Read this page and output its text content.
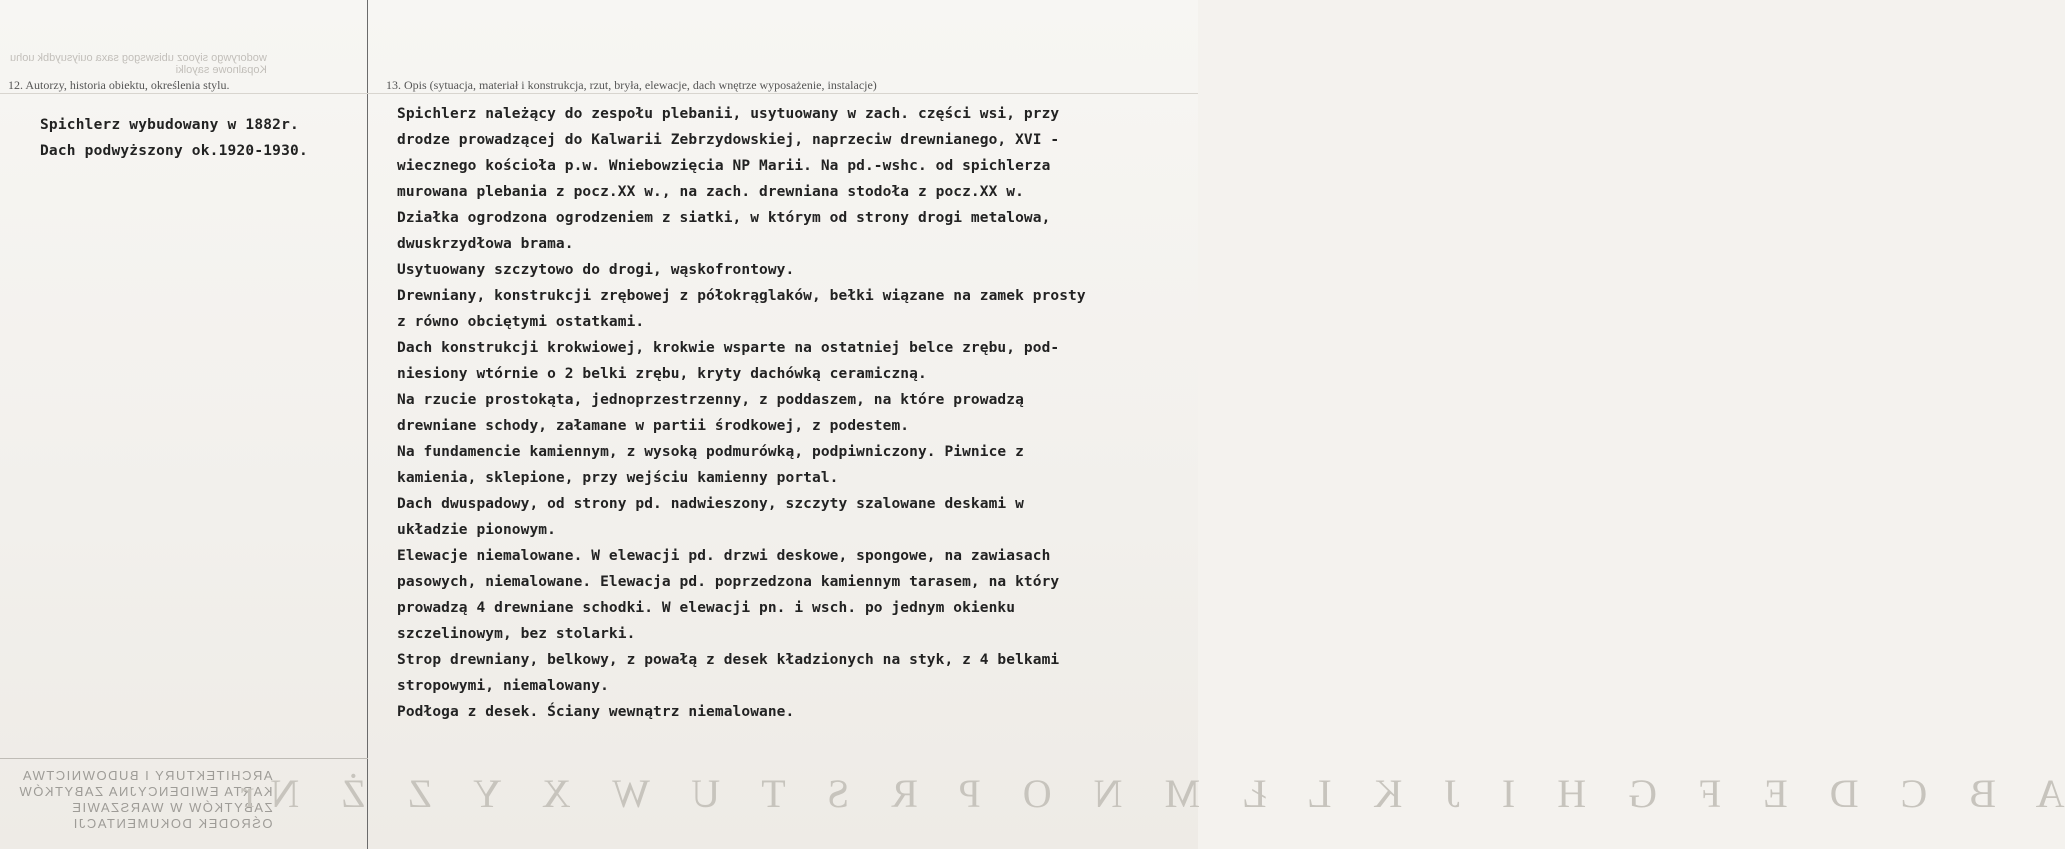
wodorywgo siyooz ubiswsgog saxa ouiysuydbk uohu
Kopalnowe sayolki
12. Autorzy, historia obiektu, określenia stylu.	13. Opis (sytuacja, materiał i konstrukcja, rzut, bryła, elewacje, dach wnętrze wyposażenie, instalacje)
Spichlerz wybudowany w 1882r.
Dach podwyższony ok.1920-1930.
Spichlerz należący do zespołu plebanii, usytuowany w zach. części wsi, przy
drodze prowadzącej do Kalwarii Zebrzydowskiej, naprzeciw drewnianego, XVI -
wiecznego kościoła p.w. Wniebowzięcia NP Marii. Na pd.-wshc. od spichlerza
murowana plebania z pocz.XX w., na zach. drewniana stodoła z pocz.XX w.
Działka ogrodzona ogrodzeniem z siatki, w którym od strony drogi metalowa,
dwuskrzydłowa brama.
Usytuowany szczytowo do drogi, wąskofrontowy.
Drewniany, konstrukcji zrębowej z półokrąglaków, bełki wiązane na zamek prosty
z równo obciętymi ostatkami.
Dach konstrukcji krokwiowej, krokwie wsparte na ostatniej belce zrębu, pod-
niesiony wtórnie o 2 belki zrębu, kryty dachówką ceramiczną.
Na rzucie prostokąta, jednoprzestrzenny, z poddaszem, na które prowadzą
drewniane schody, załamane w partii środkowej, z podestem.
Na fundamencie kamiennym, z wysoką podmurówką, podpiwniczony. Piwnice z
kamienia, sklepione, przy wejściu kamienny portal.
Dach dwuspadowy, od strony pd. nadwieszony, szczyty szalowane deskami w
układzie pionowym.
Elewacje niemalowane. W elewacji pd. drzwi deskowe, spongowe, na zawiasach
pasowych, niemalowane. Elewacja pd. poprzedzona kamiennym tarasem, na który
prowadzą 4 drewniane schodki. W elewacji pn. i wsch. po jednym okienku
szczelinowym, bez stolarki.
Strop drewniany, belkowy, z powałą z desek kładzionych na styk, z 4 belkami
stropowymi, niemalowany.
Podłoga z desek. Ściany wewnątrz niemalowane.
ARCHITEKTURY I BUDOWNICTWA
KARTA EWIDENCYJNA ZABYTKÓW
ZABYTKÓW W WARSZAWIE
OŚRODEK DOKUMENTACJI
A B C D E F G H I J K L Ł M N O P R S T U W X Y Z Ż Nr
